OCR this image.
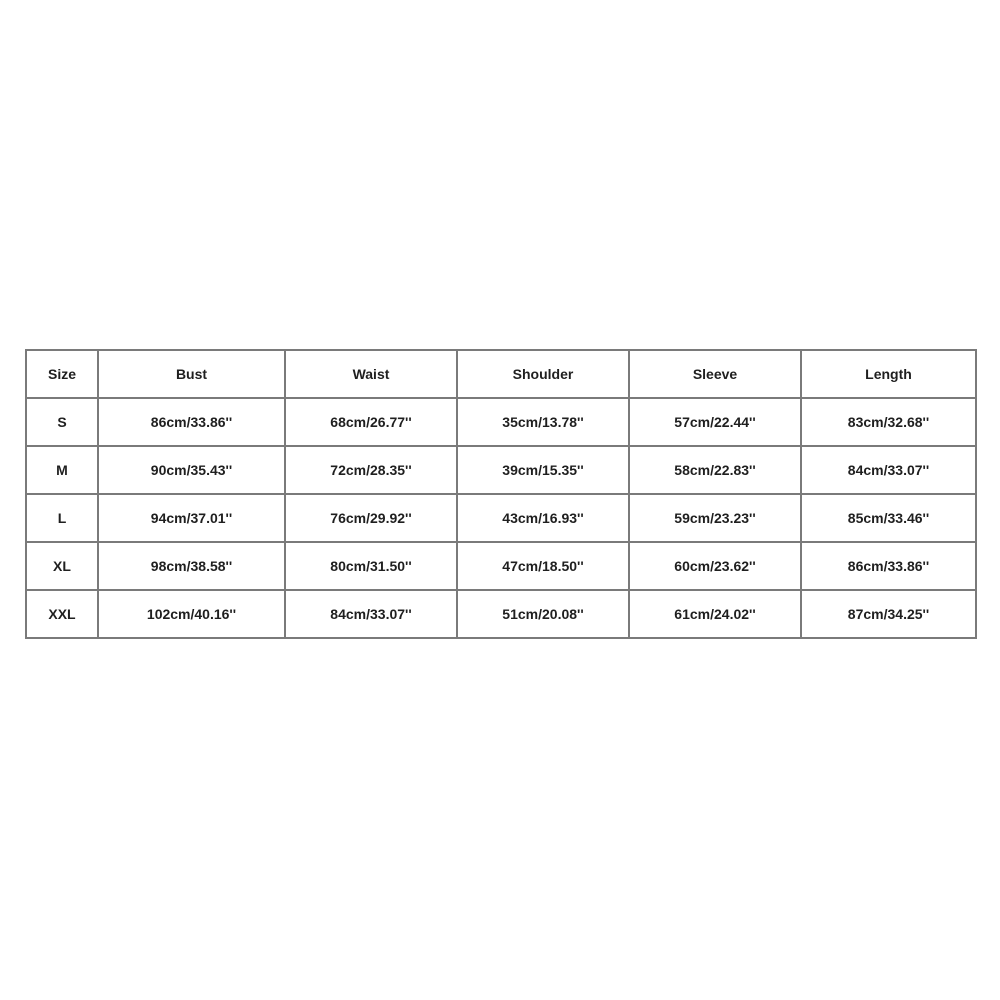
Size	Bust	Waist	Shoulder	Sleeve	Length
S	86cm/33.86''	68cm/26.77''	35cm/13.78''	57cm/22.44''	83cm/32.68''
M	90cm/35.43''	72cm/28.35''	39cm/15.35''	58cm/22.83''	84cm/33.07''
L	94cm/37.01''	76cm/29.92''	43cm/16.93''	59cm/23.23''	85cm/33.46''
XL	98cm/38.58''	80cm/31.50''	47cm/18.50''	60cm/23.62''	86cm/33.86''
XXL	102cm/40.16''	84cm/33.07''	51cm/20.08''	61cm/24.02''	87cm/34.25''
